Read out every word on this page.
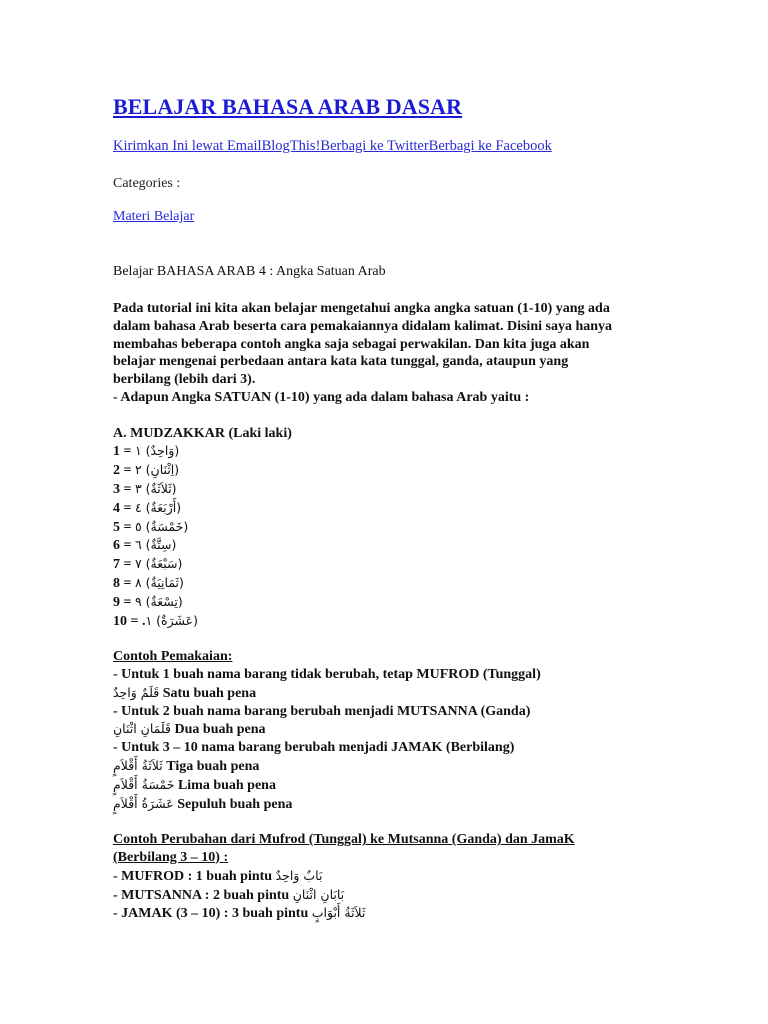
BELAJAR BAHASA ARAB DASAR
Kirimkan Ini lewat EmailBlogThis!Berbagi ke TwitterBerbagi ke Facebook
Categories :
Materi Belajar
Belajar BAHASA ARAB 4 : Angka Satuan Arab

Pada tutorial ini kita akan belajar mengetahui angka angka satuan (1-10) yang ada

dalam bahasa Arab beserta cara pemakaiannya didalam kalimat. Disini saya hanya

membahas beberapa contoh angka saja sebagai perwakilan. Dan kita juga akan

belajar mengenai perbedaan antara kata kata tunggal, ganda, ataupun yang

berbilang (lebih dari 3).

- Adapun Angka SATUAN (1-10) yang ada dalam bahasa Arab yaitu :

A. MUDZAKKAR (Laki laki)

1 = (وَاحِدٌ) ١

2 = (اِثْنَانِ) ٢

3 = (ثَلاَثَةٌ) ٣

4 = (أَرْبَعَةٌ) ٤

5 = (خَمْسَةٌ) ٥

6 = (سِتَّةٌ) ٦

7 = (سَبْعَةٌ) ٧

8 = (ثَمَانِيَةٌ) ٨

9 = (تِسْعَةٌ) ٩

10 = .(عَشَرَةٌ) ١

Contoh Pemakaian:

- Untuk 1 buah nama barang tidak berubah, tetap MUFROD (Tunggal)

قَلَمٌ وَاحِدٌ Satu buah pena

- Untuk 2 buah nama barang berubah menjadi MUTSANNA (Ganda)

قَلَمَانِ اثْنَانِ Dua buah pena

- Untuk 3 – 10 nama barang berubah menjadi JAMAK (Berbilang)

ثَلاَثَةُ أَقْلاَمٍ Tiga buah pena

خَمْسَةُ أَقْلاَمٍ Lima buah pena

عَشَرَةُ أَقْلاَمٍ Sepuluh buah pena

Contoh Perubahan dari Mufrod (Tunggal) ke Mutsanna (Ganda) dan JamaK

(Berbilang 3 – 10) :

- MUFROD : 1 buah pintu بَابٌ وَاحِدٌ

- MUTSANNA : 2 buah pintu بَابَانِ اثْنَانِ

- JAMAK (3 – 10) : 3 buah pintu ثَلاَثَةُ أَبْوَابٍ
